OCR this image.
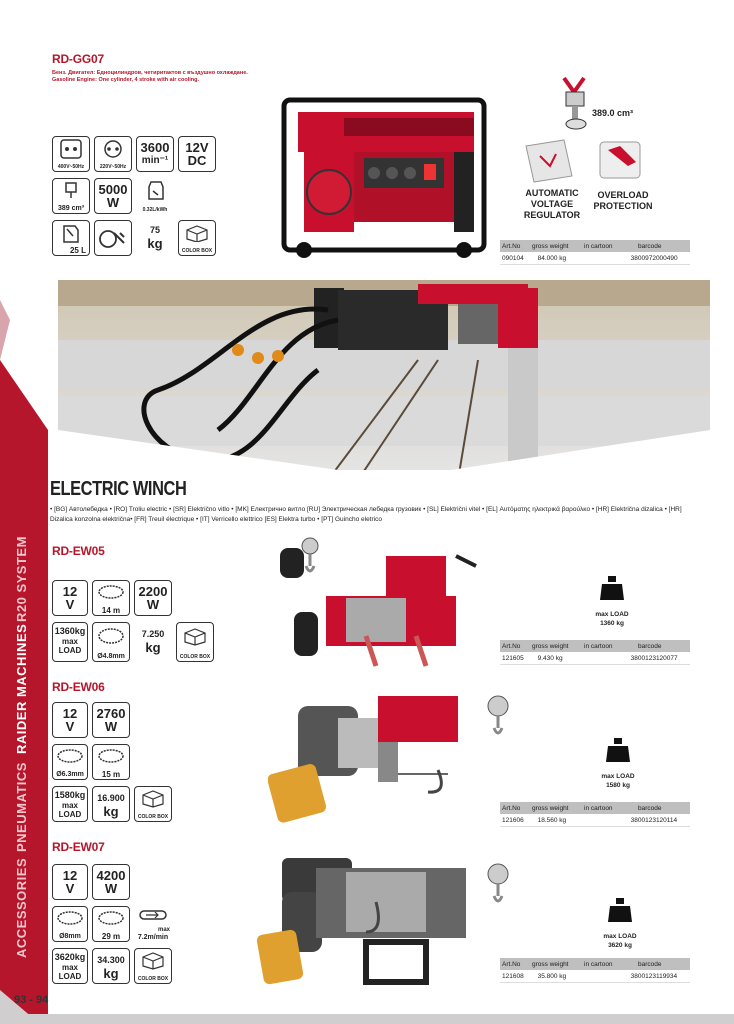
ACCESSORIES
PNEUMATICS
RAIDER MACHINES
R20 SYSTEM
93 - 94
RD-GG07
Бенз. Двигател: Едноцилиндров, четиритактов с въздушно охлаждане.
Gasoline Engine: One cylinder, 4 stroke with air cooling.
400V~50Hz	220V~50Hz
3600
min⁻¹
12V
DC
389 cm³
5000
W	0.32L/kWh
25 L
75
kg	COLOR BOX
389.0 cm³
AUTOMATIC VOLTAGE REGULATOR
OVERLOAD PROTECTION
Art.No	gross weight	in cartoon	barcode
090104	84.000 kg	3800972000490
ELECTRIC WINCH
• [BG] Автолебедка • [RO] Troliu electric • [SR] Električno vitlo • [MK] Електрично витло [RU] Электрическая лебедка грузовик • [SL] Električni vitel • [EL] Αυτόματης ηλεκτρικά βαρούλκο • [HR] Električna dizalica • [HR] Dizalica konzolna električna• [FR] Treuil électrique • [IT] Verricello elettrico [ES] Elektra turbo • [PT] Guincho eletrico
RD-EW05
12
V	14 m
2200
W
1360kg
max LOAD
Ø4.8mm
7.250
kg
COLOR BOX
max LOAD
1360 kg
Art.No	gross weight	in cartoon	barcode
121605	9.430 kg	3800123120077
RD-EW06
12
V
2760
W
Ø6.3mm	15 m
1580kg
max LOAD
16.900
kg	COLOR BOX
max LOAD
1580 kg
Art.No	gross weight	in cartoon	barcode
121606	18.560 kg	3800123120114
RD-EW07
12
V
4200
W
Ø8mm	29 m
max
7.2m/min
3620kg
max LOAD
34.300
kg	COLOR BOX
max LOAD
3620 kg
Art.No	gross weight	in cartoon	barcode
121608	35.800 kg	3800123119934
